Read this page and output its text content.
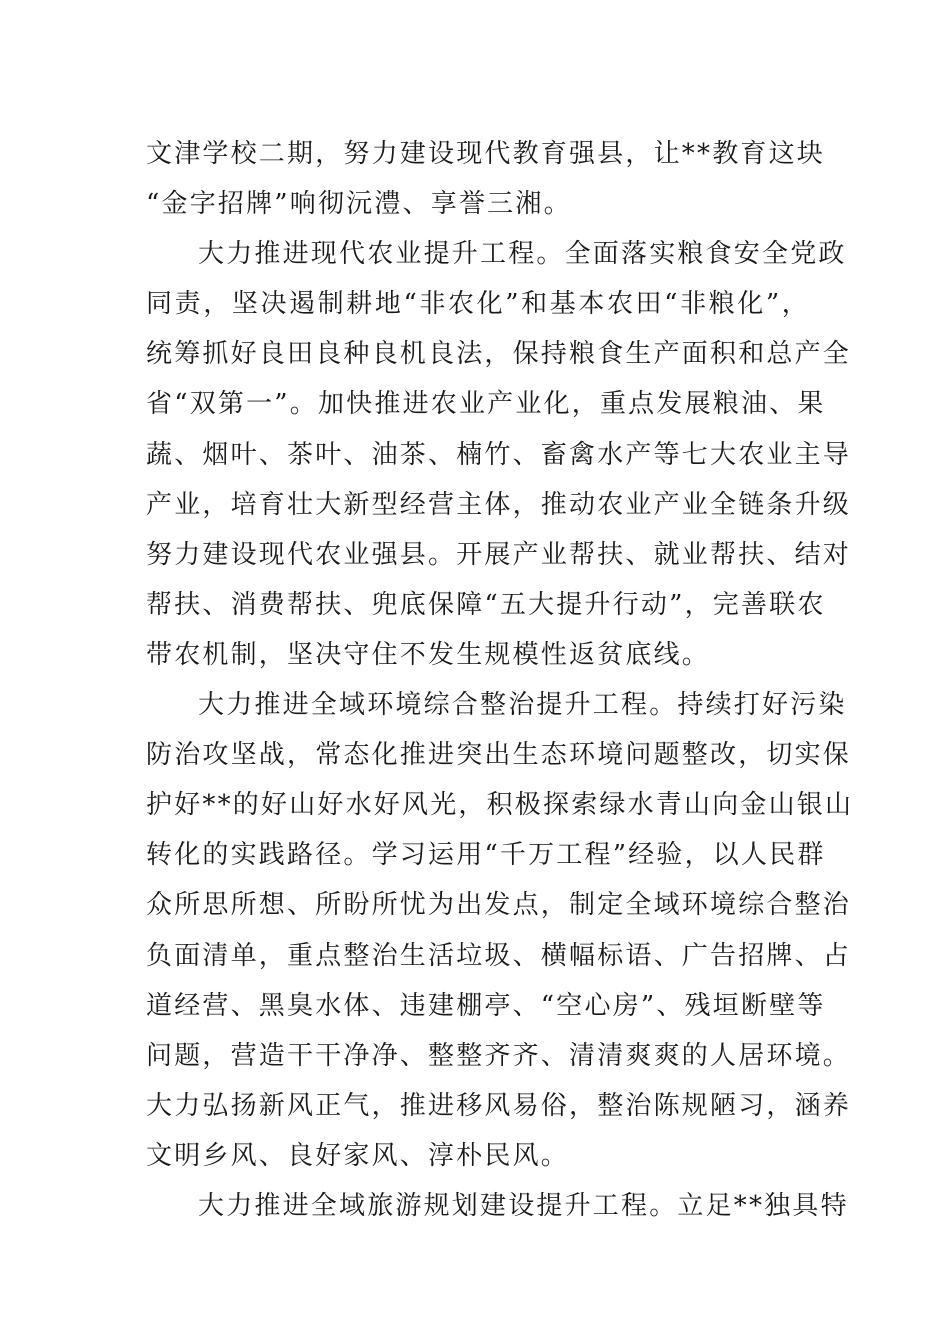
文津学校二期，努力建设现代教育强县，让**教育这块
“金字招牌”响彻沅澧、享誉三湘。
大力推进现代农业提升工程。全面落实粮食安全党政
同责，坚决遏制耕地“非农化”和基本农田“非粮化”，
统筹抓好良田良种良机良法，保持粮食生产面积和总产全
省“双第一”。加快推进农业产业化，重点发展粮油、果
蔬、烟叶、茶叶、油茶、楠竹、畜禽水产等七大农业主导
产业，培育壮大新型经营主体，推动农业产业全链条升级
努力建设现代农业强县。开展产业帮扶、就业帮扶、结对
帮扶、消费帮扶、兜底保障“五大提升行动”，完善联农
带农机制，坚决守住不发生规模性返贫底线。
大力推进全域环境综合整治提升工程。持续打好污染
防治攻坚战，常态化推进突出生态环境问题整改，切实保
护好**的好山好水好风光，积极探索绿水青山向金山银山
转化的实践路径。学习运用“千万工程”经验，以人民群
众所思所想、所盼所忧为出发点，制定全域环境综合整治
负面清单，重点整治生活垃圾、横幅标语、广告招牌、占
道经营、黑臭水体、违建棚亭、“空心房”、残垣断壁等
问题，营造干干净净、整整齐齐、清清爽爽的人居环境。
大力弘扬新风正气，推进移风易俗，整治陈规陋习，涵养
文明乡风、良好家风、淳朴民风。
大力推进全域旅游规划建设提升工程。立足**独具特
